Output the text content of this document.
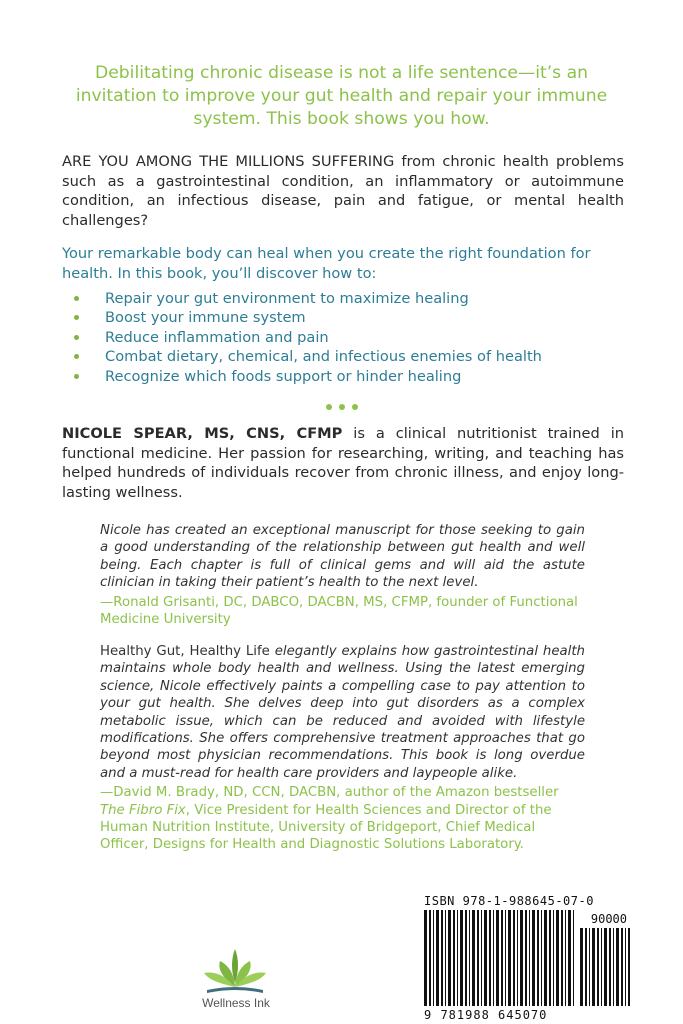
Debilitating chronic disease is not a life sentence—it’s an invitation to improve your gut health and repair your immune system. This book shows you how.
ARE YOU AMONG THE MILLIONS SUFFERING from chronic health problems such as a gastrointestinal condition, an inflammatory or autoimmune condition, an infectious disease, pain and fatigue, or mental health challenges?
Your remarkable body can heal when you create the right foundation for health. In this book, you’ll discover how to:
Repair your gut environment to maximize healing
Boost your immune system
Reduce inflammation and pain
Combat dietary, chemical, and infectious enemies of health
Recognize which foods support or hinder healing
NICOLE SPEAR, MS, CNS, CFMP is a clinical nutritionist trained in functional medicine. Her passion for researching, writing, and teaching has helped hundreds of individuals recover from chronic illness, and enjoy long-lasting wellness.
Nicole has created an exceptional manuscript for those seeking to gain a good understanding of the relationship between gut health and well being. Each chapter is full of clinical gems and will aid the astute clinician in taking their patient’s health to the next level.
—Ronald Grisanti, DC, DABCO, DACBN, MS, CFMP, founder of Functional Medicine University
Healthy Gut, Healthy Life elegantly explains how gastrointestinal health maintains whole body health and wellness. Using the latest emerging science, Nicole effectively paints a compelling case to pay attention to your gut health. She delves deep into gut disorders as a complex metabolic issue, which can be reduced and avoided with lifestyle modifications. She offers comprehensive treatment approaches that go beyond most physician recommendations. This book is long overdue and a must-read for health care providers and laypeople alike.
—David M. Brady, ND, CCN, DACBN, author of the Amazon bestseller The Fibro Fix, Vice President for Health Sciences and Director of the Human Nutrition Institute, University of Bridgeport, Chief Medical Officer, Designs for Health and Diagnostic Solutions Laboratory.
Wellness Ink
ISBN 978-1-988645-07-0
90000
9 781988 645070
